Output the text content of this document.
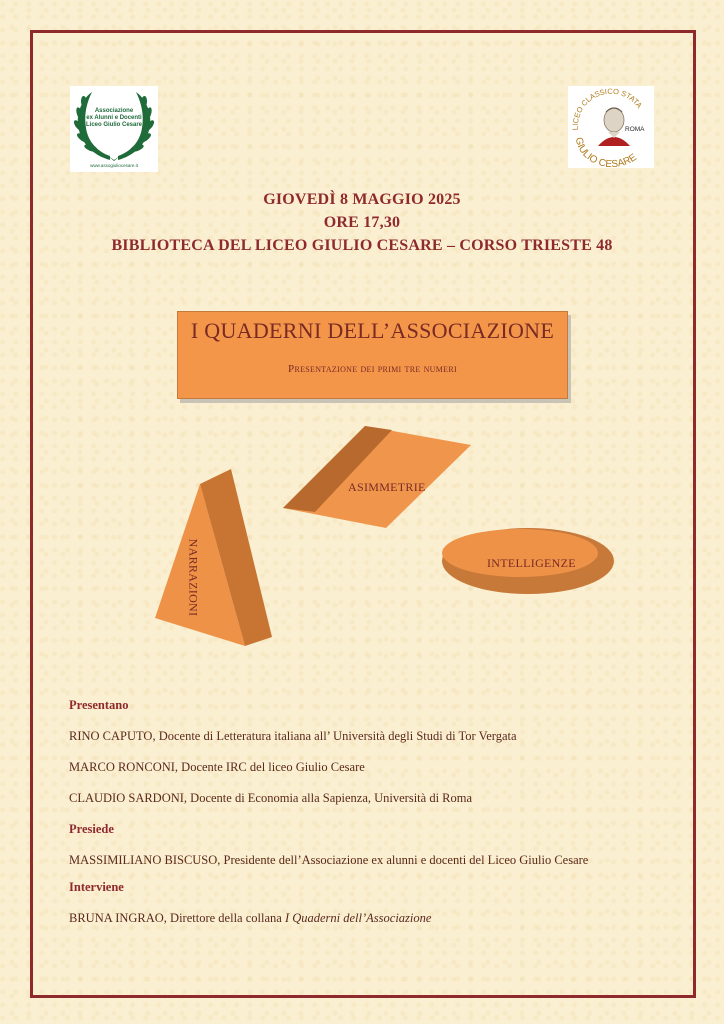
Associazione
ex Alunni e Docenti
Liceo Giulio Cesare
www.assogiuliocesare.it
LICEO CLASSICO STATA
ROMA
GIULIO CESARE
GIOVEDÌ 8 MAGGIO 2025
ORE 17,30
BIBLIOTECA DEL LICEO GIULIO CESARE – CORSO TRIESTE 48
I QUADERNI DELL’ASSOCIAZIONE
Presentazione dei primi tre numeri
ASIMMETRIE
INTELLIGENZE
NARRAZIONI
Presentano
RINO CAPUTO, Docente di Letteratura italiana all’ Università degli Studi di Tor Vergata
MARCO RONCONI, Docente IRC del liceo Giulio Cesare
CLAUDIO SARDONI, Docente di Economia alla Sapienza, Università di Roma
Presiede
MASSIMILIANO BISCUSO, Presidente dell’Associazione ex alunni e docenti del Liceo Giulio Cesare
Interviene
BRUNA INGRAO, Direttore della collana I Quaderni dell’Associazione
